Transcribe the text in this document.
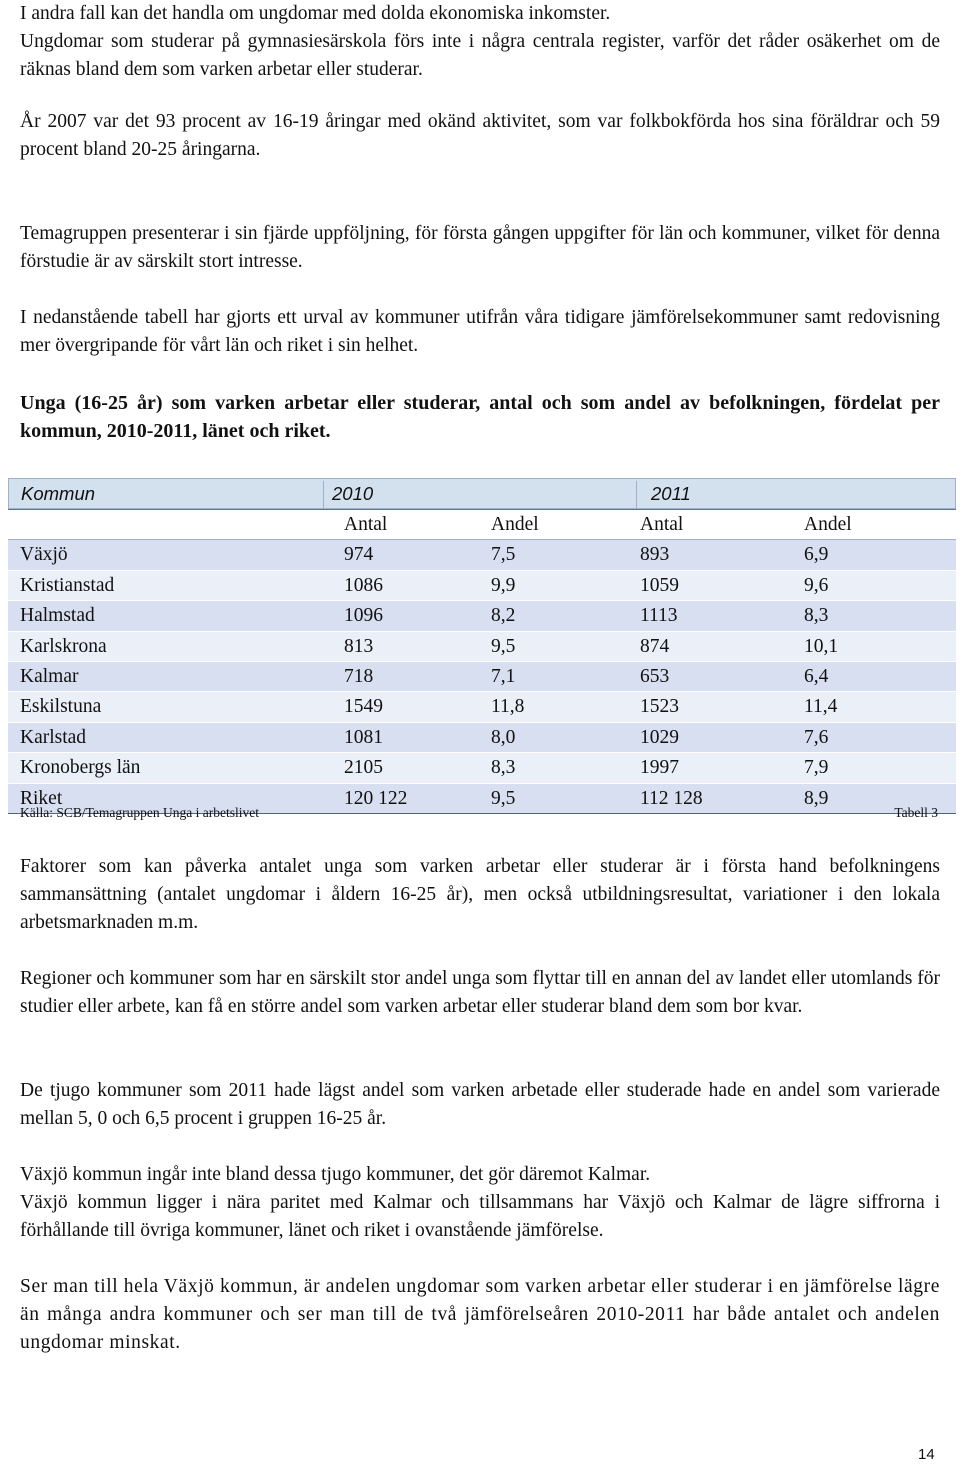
I andra fall kan det handla om ungdomar med dolda ekonomiska inkomster.
Ungdomar som studerar på gymnasiesärskola förs inte i några centrala register, varför det råder osäkerhet om de räknas bland dem som varken arbetar eller studerar.

År 2007 var det 93 procent av 16-19 åringar med okänd aktivitet, som var folkbokförda hos sina föräldrar och 59 procent bland 20-25 åringarna.

Temagruppen presenterar i sin fjärde uppföljning, för första gången uppgifter för län och kommuner, vilket för denna förstudie är av särskilt stort intresse.

I nedanstående tabell har gjorts ett urval av kommuner utifrån våra tidigare jämförelsekommuner samt redovisning mer övergripande för vårt län och riket i sin helhet.

Unga (16-25 år) som varken arbetar eller studerar, antal och som andel av befolkningen, fördelat per kommun, 2010-2011, länet och riket.

Kommun	2010	2011
Antal	Andel	Antal	Andel
Växjö	974	7,5	893	6,9
Kristianstad	1086	9,9	1059	9,6
Halmstad	1096	8,2	1113	8,3
Karlskrona	813	9,5	874	10,1
Kalmar	718	7,1	653	6,4
Eskilstuna	1549	11,8	1523	11,4
Karlstad	1081	8,0	1029	7,6
Kronobergs län	2105	8,3	1997	7,9
Riket	120 122	9,5	112 128	8,9
Källa: SCB/Temagruppen Unga i arbetslivet	Tabell 3

Faktorer som kan påverka antalet unga som varken arbetar eller studerar är i första hand befolkningens sammansättning (antalet ungdomar i åldern 16-25 år), men också utbildningsresultat, variationer i den lokala arbetsmarknaden m.m.

Regioner och kommuner som har en särskilt stor andel unga som flyttar till en annan del av landet eller utomlands för studier eller arbete, kan få en större andel som varken arbetar eller studerar bland dem som bor kvar.

De tjugo kommuner som 2011 hade lägst andel som varken arbetade eller studerade hade en andel som varierade mellan 5, 0 och 6,5 procent i gruppen 16-25 år.

Växjö kommun ingår inte bland dessa tjugo kommuner, det gör däremot Kalmar.
Växjö kommun ligger i nära paritet med Kalmar och tillsammans har Växjö och Kalmar de lägre siffrorna i förhållande till övriga kommuner, länet och riket i ovanstående jämförelse.

Ser man till hela Växjö kommun, är andelen ungdomar som varken arbetar eller studerar i en jämförelse lägre än många andra kommuner och ser man till de två jämförelseåren 2010-2011 har både antalet och andelen ungdomar minskat.

14
